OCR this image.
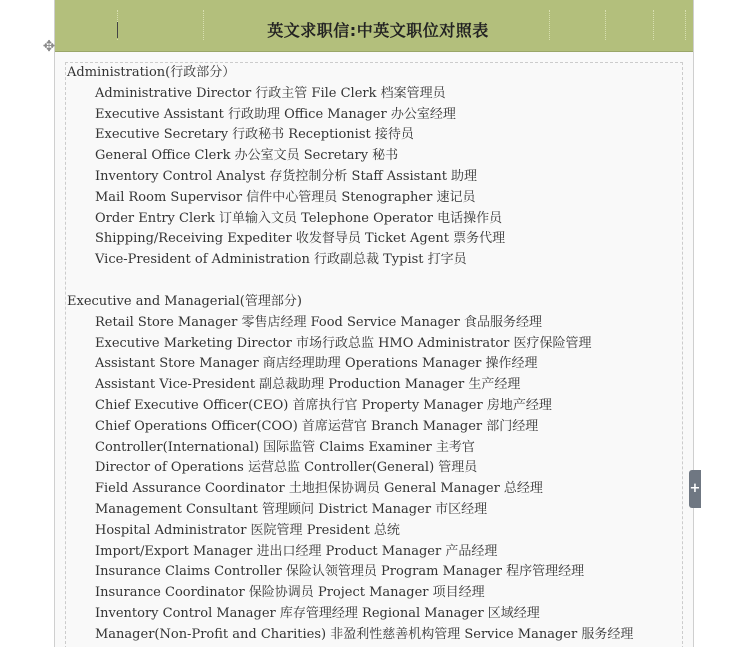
英文求职信:中英文职位对照表
✥
Administration(行政部分）
Administrative Director 行政主管 File Clerk 档案管理员
Executive Assistant 行政助理 Office Manager 办公室经理
Executive Secretary 行政秘书 Receptionist 接待员
General Office Clerk 办公室文员 Secretary 秘书
Inventory Control Analyst 存货控制分析 Staff Assistant 助理
Mail Room Supervisor 信件中心管理员 Stenographer 速记员
Order Entry Clerk 订单输入文员 Telephone Operator 电话操作员
Shipping/Receiving Expediter 收发督导员 Ticket Agent 票务代理
Vice-President of Administration 行政副总裁 Typist 打字员
Executive and Managerial(管理部分)
Retail Store Manager 零售店经理 Food Service Manager 食品服务经理
Executive Marketing Director 市场行政总监 HMO Administrator 医疗保险管理
Assistant Store Manager 商店经理助理 Operations Manager 操作经理
Assistant Vice-President 副总裁助理 Production Manager 生产经理
Chief Executive Officer(CEO) 首席执行官 Property Manager 房地产经理
Chief Operations Officer(COO) 首席运营官 Branch Manager 部门经理
Controller(International) 国际监管 Claims Examiner 主考官
Director of Operations 运营总监 Controller(General) 管理员
Field Assurance Coordinator 土地担保协调员 General Manager 总经理
Management Consultant 管理顾问 District Manager 市区经理
Hospital Administrator 医院管理 President 总统
Import/Export Manager 进出口经理 Product Manager 产品经理
Insurance Claims Controller 保险认领管理员 Program Manager 程序管理经理
Insurance Coordinator 保险协调员 Project Manager 项目经理
Inventory Control Manager 库存管理经理 Regional Manager 区域经理
Manager(Non-Profit and Charities) 非盈利性慈善机构管理 Service Manager 服务经理
+
